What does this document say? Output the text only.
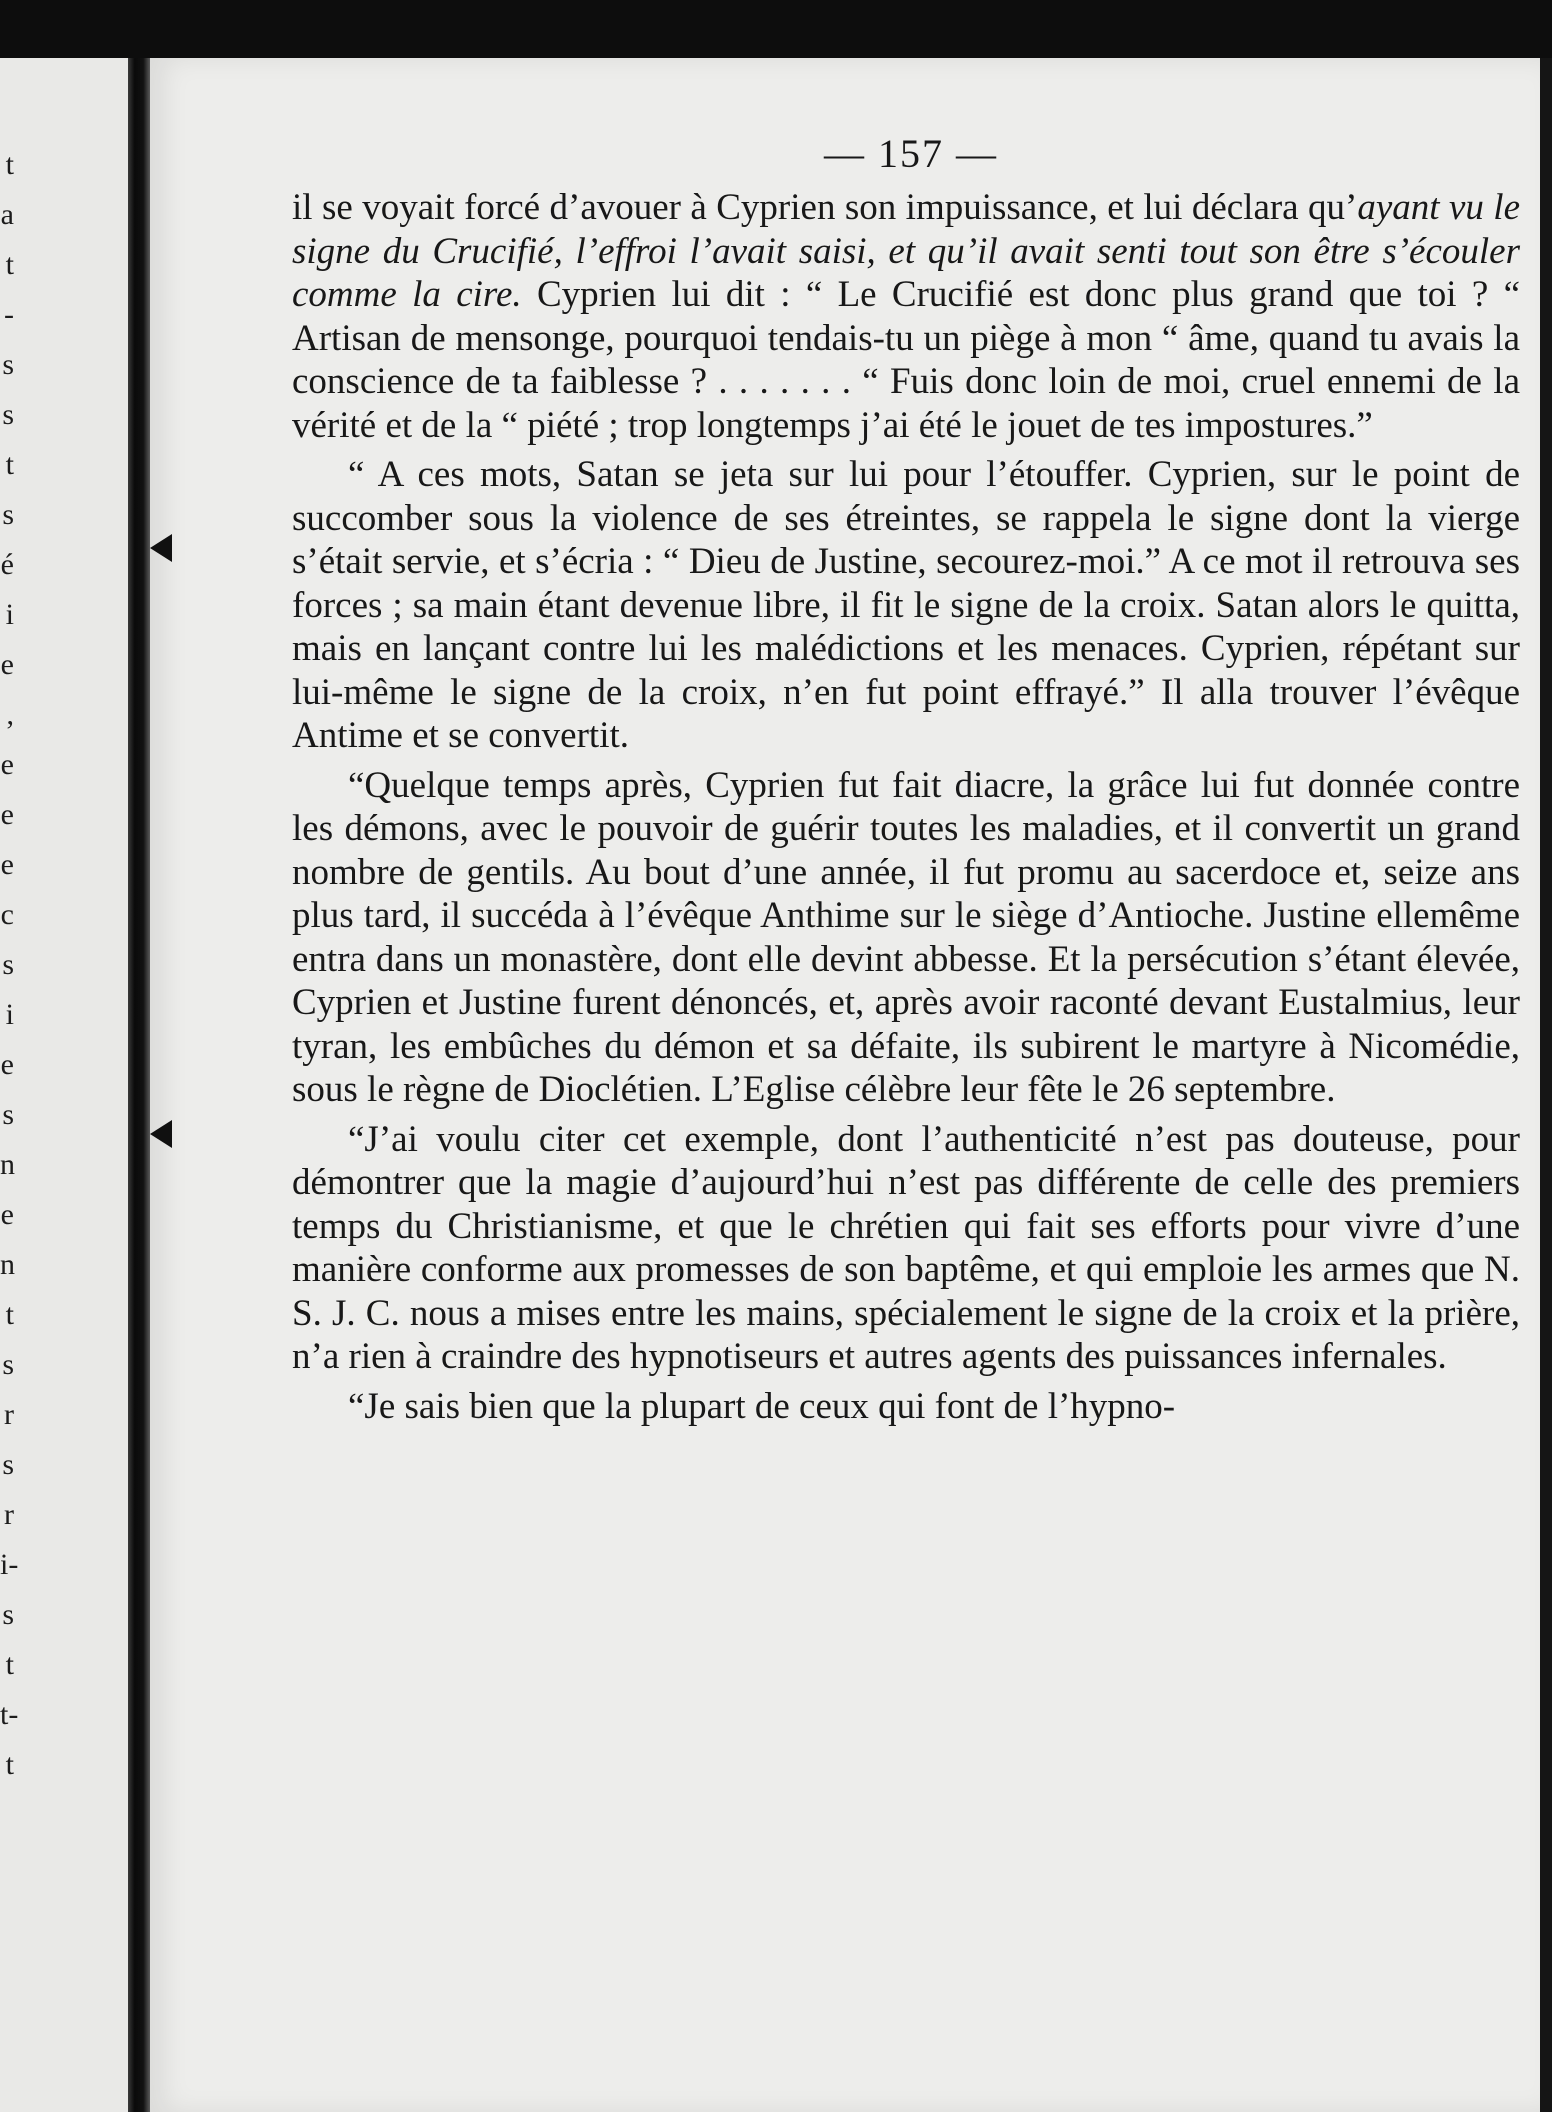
t
a
t
-
s
s
t
s
é
i
e
,
e
e
e
c
s
i
e
s
n
e
n
t
s
r
s
r
i-
s
t
t-
t
— 157 —

il se voyait forcé d’avouer à Cyprien son impuissance, et lui déclara qu’ayant vu le signe du Crucifié, l’effroi l’avait saisi, et qu’il avait senti tout son être s’écouler comme la cire. Cyprien lui dit : “ Le Crucifié est donc plus grand que toi ? “ Artisan de mensonge, pourquoi tendais-tu un piège à mon “ âme, quand tu avais la conscience de ta faiblesse ? . . . . . . . “ Fuis donc loin de moi, cruel ennemi de la vérité et de la “ piété ; trop longtemps j’ai été le jouet de tes impostures.”

“ A ces mots, Satan se jeta sur lui pour l’étouffer. Cyprien, sur le point de succomber sous la violence de ses étreintes, se rappela le signe dont la vierge s’était servie, et s’écria : “ Dieu de Justine, secourez-moi.” A ce mot il retrouva ses forces ; sa main étant devenue libre, il fit le signe de la croix. Satan alors le quitta, mais en lançant contre lui les malédictions et les menaces. Cyprien, répétant sur lui-même le signe de la croix, n’en fut point effrayé.” Il alla trouver l’évêque Antime et se convertit.

“Quelque temps après, Cyprien fut fait diacre, la grâce lui fut donnée contre les démons, avec le pouvoir de guérir toutes les maladies, et il convertit un grand nombre de gentils. Au bout d’une année, il fut promu au sacerdoce et, seize ans plus tard, il succéda à l’évêque Anthime sur le siège d’Antioche. Justine ellemême entra dans un monastère, dont elle devint abbesse. Et la persécution s’étant élevée, Cyprien et Justine furent dénoncés, et, après avoir raconté devant Eustalmius, leur tyran, les embûches du démon et sa défaite, ils subirent le martyre à Nicomédie, sous le règne de Dioclétien. L’Eglise célèbre leur fête le 26 septembre.

“J’ai voulu citer cet exemple, dont l’authenticité n’est pas douteuse, pour démontrer que la magie d’aujourd’hui n’est pas différente de celle des premiers temps du Christianisme, et que le chrétien qui fait ses efforts pour vivre d’une manière conforme aux promesses de son baptême, et qui emploie les armes que N. S. J. C. nous a mises entre les mains, spécialement le signe de la croix et la prière, n’a rien à craindre des hypnotiseurs et autres agents des puissances infernales.

“Je sais bien que la plupart de ceux qui font de l’hypno-
